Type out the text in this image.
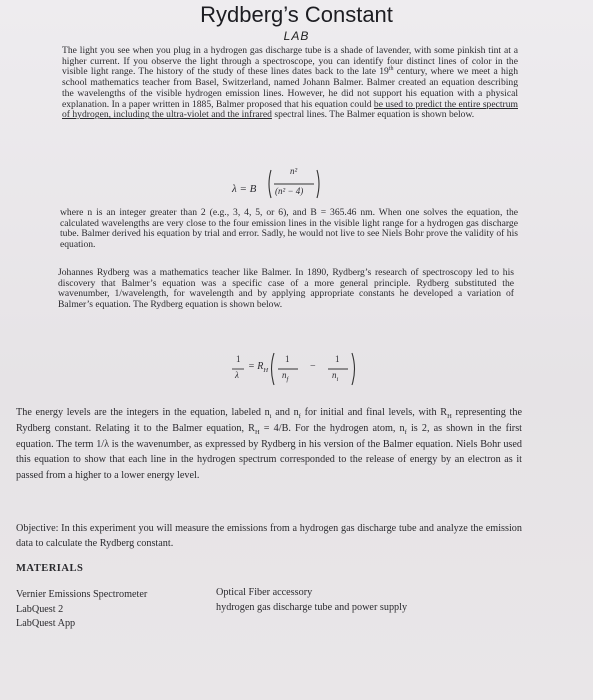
Rydberg’s Constant
LAB

The light you see when you plug in a hydrogen gas discharge tube is a shade of lavender, with some pinkish tint at a higher current. If you observe the light through a spectroscope, you can identify four distinct lines of color in the visible light range. The history of the study of these lines dates back to the late 19th century, where we meet a high school mathematics teacher from Basel, Switzerland, named Johann Balmer. Balmer created an equation describing the wavelengths of the visible hydrogen emission lines. However, he did not support his equation with a physical explanation. In a paper written in 1885, Balmer proposed that his equation could be used to predict the entire spectrum of hydrogen, including the ultra-violet and the infrared spectral lines. The Balmer equation is shown below.

λ = B
n²
(n² − 4)

where n is an integer greater than 2 (e.g., 3, 4, 5, or 6), and B = 365.46 nm. When one solves the equation, the calculated wavelengths are very close to the four emission lines in the visible light range for a hydrogen gas discharge tube. Balmer derived his equation by trial and error. Sadly, he would not live to see Niels Bohr prove the validity of his equation.

Johannes Rydberg was a mathematics teacher like Balmer. In 1890, Rydberg’s research of spectroscopy led to his discovery that Balmer’s equation was a specific case of a more general principle. Rydberg substituted the wavenumber, 1/wavelength, for wavelength and by applying appropriate constants he developed a variation of Balmer’s equation. The Rydberg equation is shown below.

1
λ
= $R_H$
1
$n_f$
−
1
$n_i$

The energy levels are the integers in the equation, labeled $n_i$ and $n_f$ for initial and final levels, with $R_H$ representing the Rydberg constant. Relating it to the Balmer equation, $R_H = 4/B$. For the hydrogen atom, $n_f$ is 2, as shown in the first equation. The term 1/λ is the wavenumber, as expressed by Rydberg in his version of the Balmer equation. Niels Bohr used this equation to show that each line in the hydrogen spectrum corresponded to the release of energy by an electron as it passed from a higher to a lower energy level.

Objective: In this experiment you will measure the emissions from a hydrogen gas discharge tube and analyze the emission data to calculate the Rydberg constant.

MATERIALS
Vernier Emissions Spectrometer
LabQuest 2
LabQuest App
Optical Fiber accessory
hydrogen gas discharge tube and power supply
